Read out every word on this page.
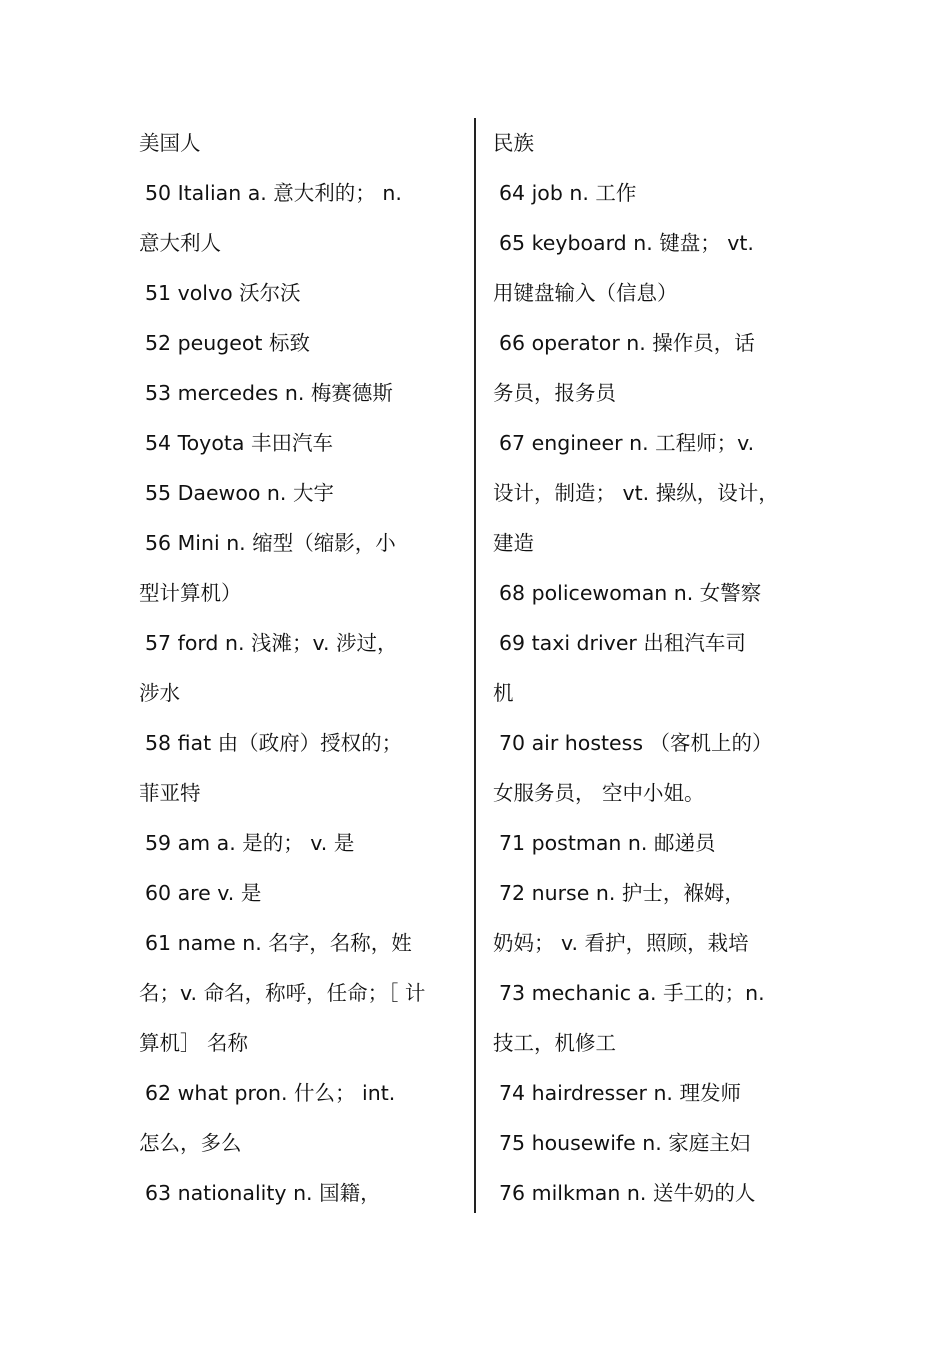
美国人
50 Italian a. 意大利的； n.
意大利人
51 volvo 沃尔沃
52 peugeot 标致
53 mercedes n. 梅赛德斯
54 Toyota 丰田汽车
55 Daewoo n. 大宇
56 Mini n. 缩型（缩影，小
型计算机）
57 ford n. 浅滩；v. 涉过，
涉水
58 fiat 由（政府）授权的；
菲亚特
59 am a. 是的； v. 是
60 are v. 是
61 name n. 名字，名称，姓
名；v. 命名，称呼，任命；［ 计
算机］ 名称
62 what pron. 什么； int.
怎么，多么
63 nationality n. 国籍，
民族
64 job n. 工作
65 keyboard n. 键盘； vt.
用键盘输入（信息）
66 operator n. 操作员，话
务员，报务员
67 engineer n. 工程师；v.
设计，制造； vt. 操纵，设计，
建造
68 policewoman n. 女警察
69 taxi driver 出租汽车司
机
70 air hostess （客机上的）
女服务员， 空中小姐。
71 postman n. 邮递员
72 nurse n. 护士，褓姆，
奶妈； v. 看护，照顾，栽培
73 mechanic a. 手工的；n.
技工，机修工
74 hairdresser n. 理发师
75 housewife n. 家庭主妇
76 milkman n. 送牛奶的人
